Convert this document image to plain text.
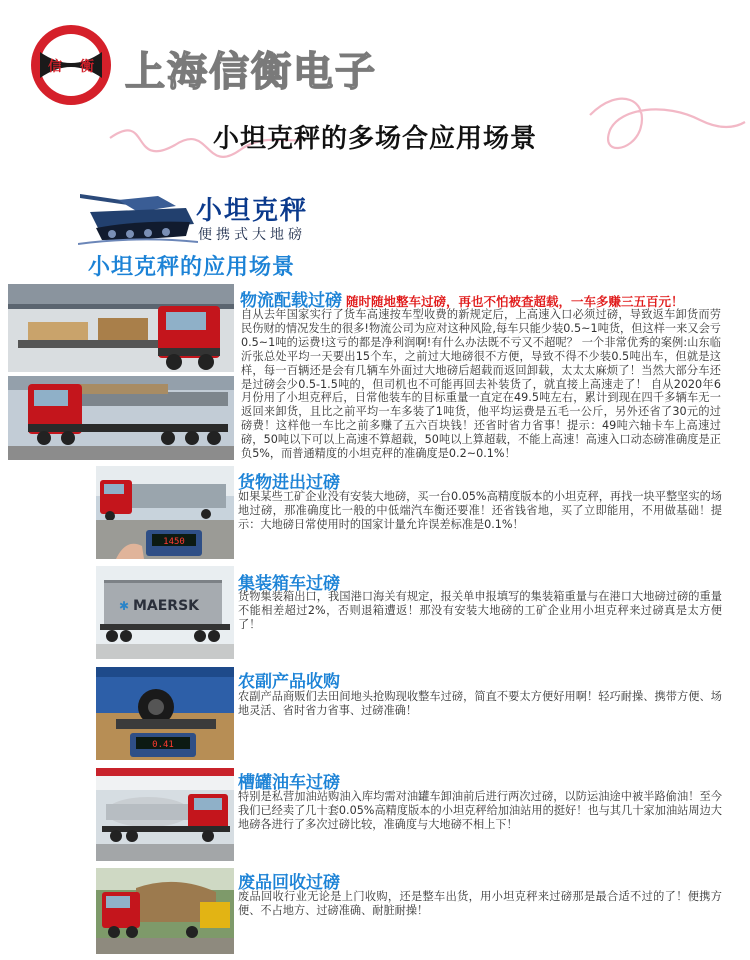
信 衡 上海信衡电子
小坦克秤的多场合应用场景
小坦克秤
便携式大地磅
小坦克秤的应用场景
物流配载过磅 随时随地整车过磅，再也不怕被查超载，一车多赚三五百元！
自从去年国家实行了货车高速按车型收费的新规定后，上高速入口必须过磅，导致返车卸货而劳民伤财的情况发生的很多!物流公司为应对这种风险,每车只能少装0.5~1吨货，但这样一来又会亏0.5~1吨的运费!这亏的都是净利润啊!有什么办法既不亏又不超呢？ 一个非常优秀的案例:山东临沂张总处平均一天要出15个车，之前过大地磅很不方便，导致不得不少装0.5吨出车，但就是这样，每一百辆还是会有几辆车外面过大地磅后超载而返回卸载，太太太麻烦了！当然大部分车还是过磅会少0.5-1.5吨的，但司机也不可能再回去补装货了，就直接上高速走了！ 自从2020年6月份用了小坦克秤后，日常他装车的目标重量一直定在49.5吨左右，累计到现在四千多辆车无一返回来卸货，且比之前平均一车多装了1吨货，他平均运费是五毛一公斤，另外还省了30元的过磅费！这样他一车比之前多赚了五六百块钱！还省时省力省事！提示：49吨六轴卡车上高速过磅，50吨以下可以上高速不算超载，50吨以上算超载，不能上高速！高速入口动态磅准确度是正负5%，而普通精度的小坦克秤的准确度是0.2~0.1%！
1450
货物进出过磅
如果某些工矿企业没有安装大地磅，买一台0.05%高精度版本的小坦克秤，再找一块平整坚实的场地过磅，那准确度比一般的中低端汽车衡还要准！还省钱省地，买了立即能用，不用做基础！提示：大地磅日常使用时的国家计量允许误差标准是0.1%！
MAERSK
✱
集装箱车过磅
货物集装箱出口，我国港口海关有规定，报关单申报填写的集装箱重量与在港口大地磅过磅的重量不能相差超过2%，否则退箱遭返！那没有安装大地磅的工矿企业用小坦克秤来过磅真是太方便了！
0.41
农副产品收购
农副产品商贩们去田间地头抢购现收整车过磅，简直不要太方便好用啊！轻巧耐操、携带方便、场地灵活、省时省力省事、过磅准确！
槽罐油车过磅
特别是私营加油站购油入库均需对油罐车卸油前后进行两次过磅，以防运油途中被半路偷油！至今我们已经卖了几十套0.05%高精度版本的小坦克秤给加油站用的挺好！也与其几十家加油站周边大地磅各进行了多次过磅比较，准确度与大地磅不相上下！
废品回收过磅
废品回收行业无论是上门收购，还是整车出货，用小坦克秤来过磅那是最合适不过的了！便携方便、不占地方、过磅准确、耐脏耐操！
